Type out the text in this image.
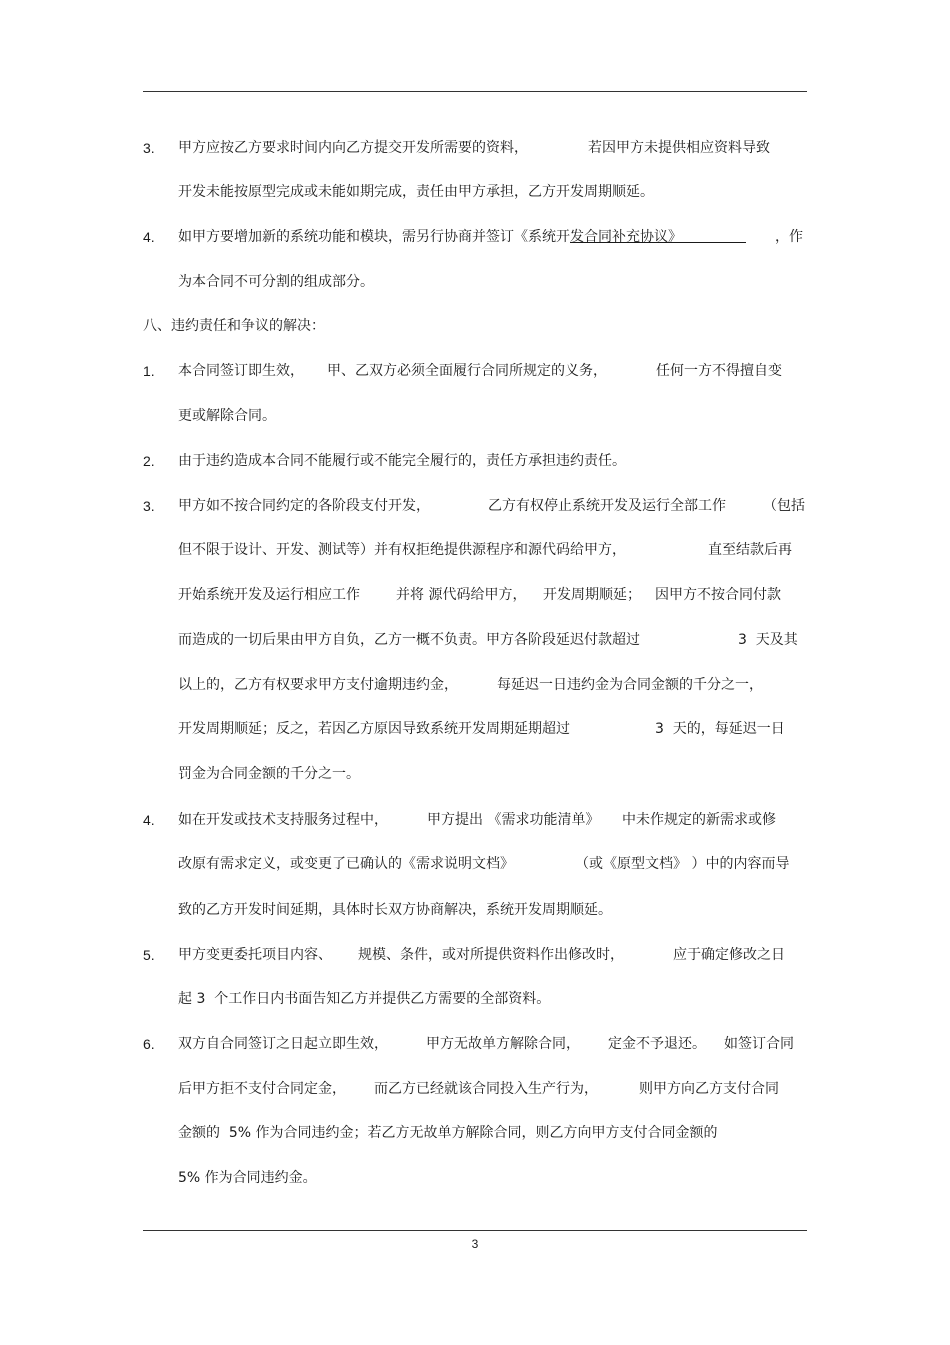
3. 甲方应按乙方要求时间内向乙方提交开发所需要的资料，	若因甲方未提供相应资料导致
开发未能按原型完成或未能如期完成，责任由甲方承担，乙方开发周期顺延。
4. 如甲方要增加新的系统功能和模块，需另行协商并签订《系统开发合同补充协议》	，作
为本合同不可分割的组成部分。
八、违约责任和争议的解决：
1. 本合同签订即生效， 甲、乙双方必须全面履行合同所规定的义务，	任何一方不得擅自变
更或解除合同。
2. 由于违约造成本合同不能履行或不能完全履行的，责任方承担违约责任。
3. 甲方如不按合同约定的各阶段支付开发，	乙方有权停止系统开发及运行全部工作	（包括
但不限于设计、开发、测试等）并有权拒绝提供源程序和源代码给甲方，	直至结款后再
开始系统开发及运行相应工作	并将 源代码给甲方， 开发周期顺延； 因甲方不按合同付款
而造成的一切后果由甲方自负，乙方一概不负责。甲方各阶段延迟付款超过	3  天及其
以上的，乙方有权要求甲方支付逾期违约金，	每延迟一日违约金为合同金额的千分之一，
开发周期顺延；反之，若因乙方原因导致系统开发周期延期超过	3  天的，每延迟一日
罚金为合同金额的千分之一。
4. 如在开发或技术支持服务过程中，	甲方提出 《需求功能清单》 中未作规定的新需求或修
改原有需求定义，或变更了已确认的《需求说明文档》	（或《原型文档》 ）中的内容而导
致的乙方开发时间延期，具体时长双方协商解决，系统开发周期顺延。
5. 甲方变更委托项目内容、 规模、条件，或对所提供资料作出修改时，	应于确定修改之日
起 3  个工作日内书面告知乙方并提供乙方需要的全部资料。
6. 双方自合同签订之日起立即生效，	甲方无故单方解除合同， 定金不予退还。 如签订合同
后甲方拒不支付合同定金， 而乙方已经就该合同投入生产行为，	则甲方向乙方支付合同
金额的  5% 作为合同违约金；若乙方无故单方解除合同，则乙方向甲方支付合同金额的
5% 作为合同违约金。
3
